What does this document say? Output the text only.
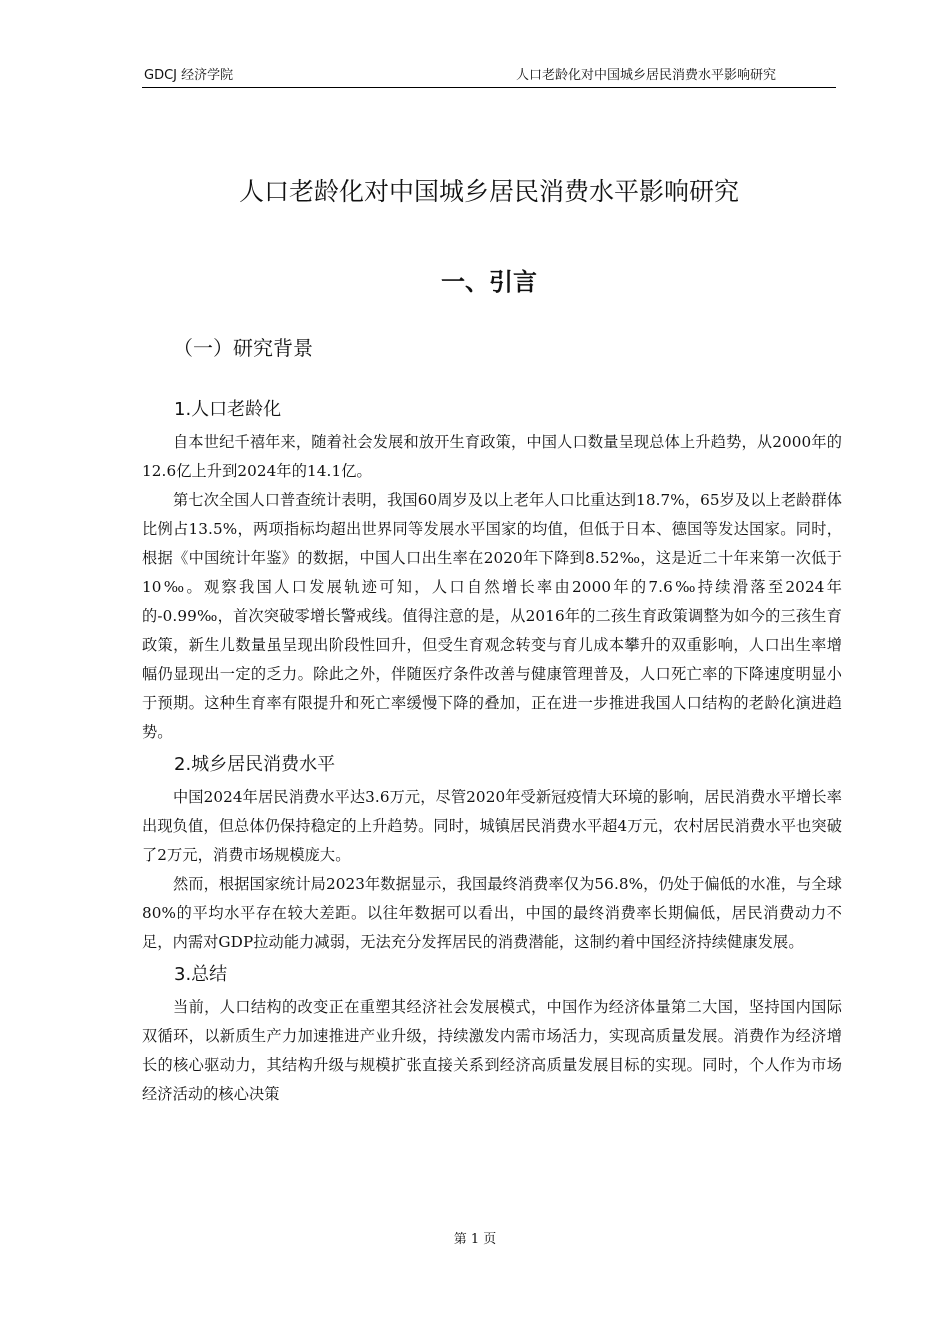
GDCJ 经济学院	人口老龄化对中国城乡居民消费水平影响研究
人口老龄化对中国城乡居民消费水平影响研究
一、引言
（一）研究背景
1.人口老龄化

自本世纪千禧年来，随着社会发展和放开生育政策，中国人口数量呈现总体上升趋势，从2000年的12.6亿上升到2024年的14.1亿。

第七次全国人口普查统计表明，我国60周岁及以上老年人口比重达到18.7%，65岁及以上老龄群体比例占13.5%，两项指标均超出世界同等发展水平国家的均值，但低于日本、德国等发达国家。同时，根据《中国统计年鉴》的数据，中国人口出生率在2020年下降到8.52‰，这是近二十年来第一次低于10‰。观察我国人口发展轨迹可知，人口自然增长率由2000年的7.6‰持续滑落至2024年的-0.99‰，首次突破零增长警戒线。值得注意的是，从2016年的二孩生育政策调整为如今的三孩生育政策，新生儿数量虽呈现出阶段性回升，但受生育观念转变与育儿成本攀升的双重影响，人口出生率增幅仍显现出一定的乏力。除此之外，伴随医疗条件改善与健康管理普及，人口死亡率的下降速度明显小于预期。这种生育率有限提升和死亡率缓慢下降的叠加，正在进一步推进我国人口结构的老龄化演进趋势。

2.城乡居民消费水平

中国2024年居民消费水平达3.6万元，尽管2020年受新冠疫情大环境的影响，居民消费水平增长率出现负值，但总体仍保持稳定的上升趋势。同时，城镇居民消费水平超4万元，农村居民消费水平也突破了2万元，消费市场规模庞大。

然而，根据国家统计局2023年数据显示，我国最终消费率仅为56.8%，仍处于偏低的水准，与全球80%的平均水平存在较大差距。以往年数据可以看出，中国的最终消费率长期偏低，居民消费动力不足，内需对GDP拉动能力减弱，无法充分发挥居民的消费潜能，这制约着中国经济持续健康发展。

3.总结

当前，人口结构的改变正在重塑其经济社会发展模式，中国作为经济体量第二大国，坚持国内国际双循环，以新质生产力加速推进产业升级，持续激发内需市场活力，实现高质量发展。消费作为经济增长的核心驱动力，其结构升级与规模扩张直接关系到经济高质量发展目标的实现。同时，个人作为市场经济活动的核心决策

第 1 页
